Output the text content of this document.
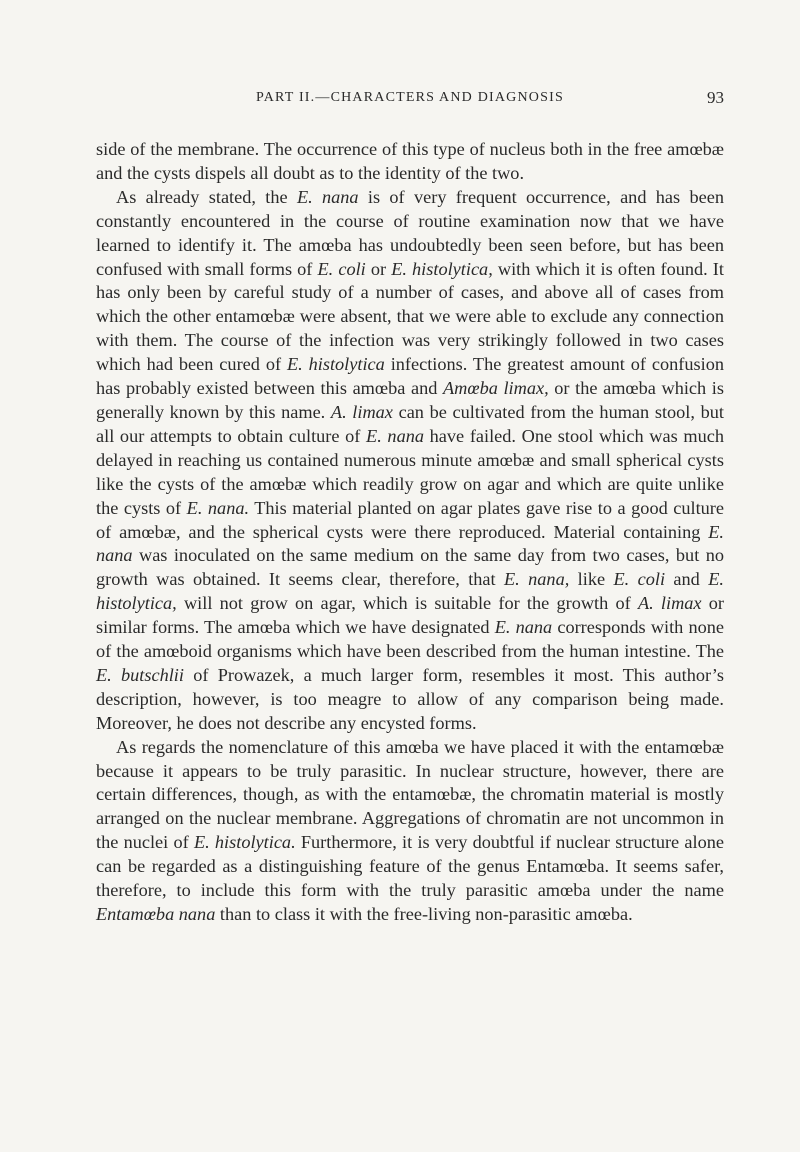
PART II.—CHARACTERS AND DIAGNOSIS	93

side of the membrane. The occurrence of this type of nucleus both in the free amœbæ and the cysts dispels all doubt as to the identity of the two.

As already stated, the E. nana is of very frequent occurrence, and has been constantly encountered in the course of routine examination now that we have learned to identify it. The amœba has undoubtedly been seen before, but has been confused with small forms of E. coli or E. histolytica, with which it is often found. It has only been by careful study of a number of cases, and above all of cases from which the other entamœbæ were absent, that we were able to exclude any connection with them. The course of the infection was very strikingly followed in two cases which had been cured of E. histolytica infections. The greatest amount of confusion has probably existed between this amœba and Amœba limax, or the amœba which is generally known by this name. A. limax can be cultivated from the human stool, but all our attempts to obtain culture of E. nana have failed. One stool which was much delayed in reaching us contained numerous minute amœbæ and small spherical cysts like the cysts of the amœbæ which readily grow on agar and which are quite unlike the cysts of E. nana. This material planted on agar plates gave rise to a good culture of amœbæ, and the spherical cysts were there reproduced. Material containing E. nana was inoculated on the same medium on the same day from two cases, but no growth was obtained. It seems clear, therefore, that E. nana, like E. coli and E. histolytica, will not grow on agar, which is suitable for the growth of A. limax or similar forms. The amœba which we have designated E. nana corresponds with none of the amœboid organisms which have been described from the human intestine. The E. butschlii of Prowazek, a much larger form, resembles it most. This author’s description, however, is too meagre to allow of any comparison being made. Moreover, he does not describe any encysted forms.

As regards the nomenclature of this amœba we have placed it with the entamœbæ because it appears to be truly parasitic. In nuclear structure, however, there are certain differences, though, as with the entamœbæ, the chromatin material is mostly arranged on the nuclear membrane. Aggregations of chromatin are not uncommon in the nuclei of E. histolytica. Furthermore, it is very doubtful if nuclear structure alone can be regarded as a distinguishing feature of the genus Entamœba. It seems safer, therefore, to include this form with the truly parasitic amœba under the name Entamœba nana than to class it with the free-living non-parasitic amœba.
